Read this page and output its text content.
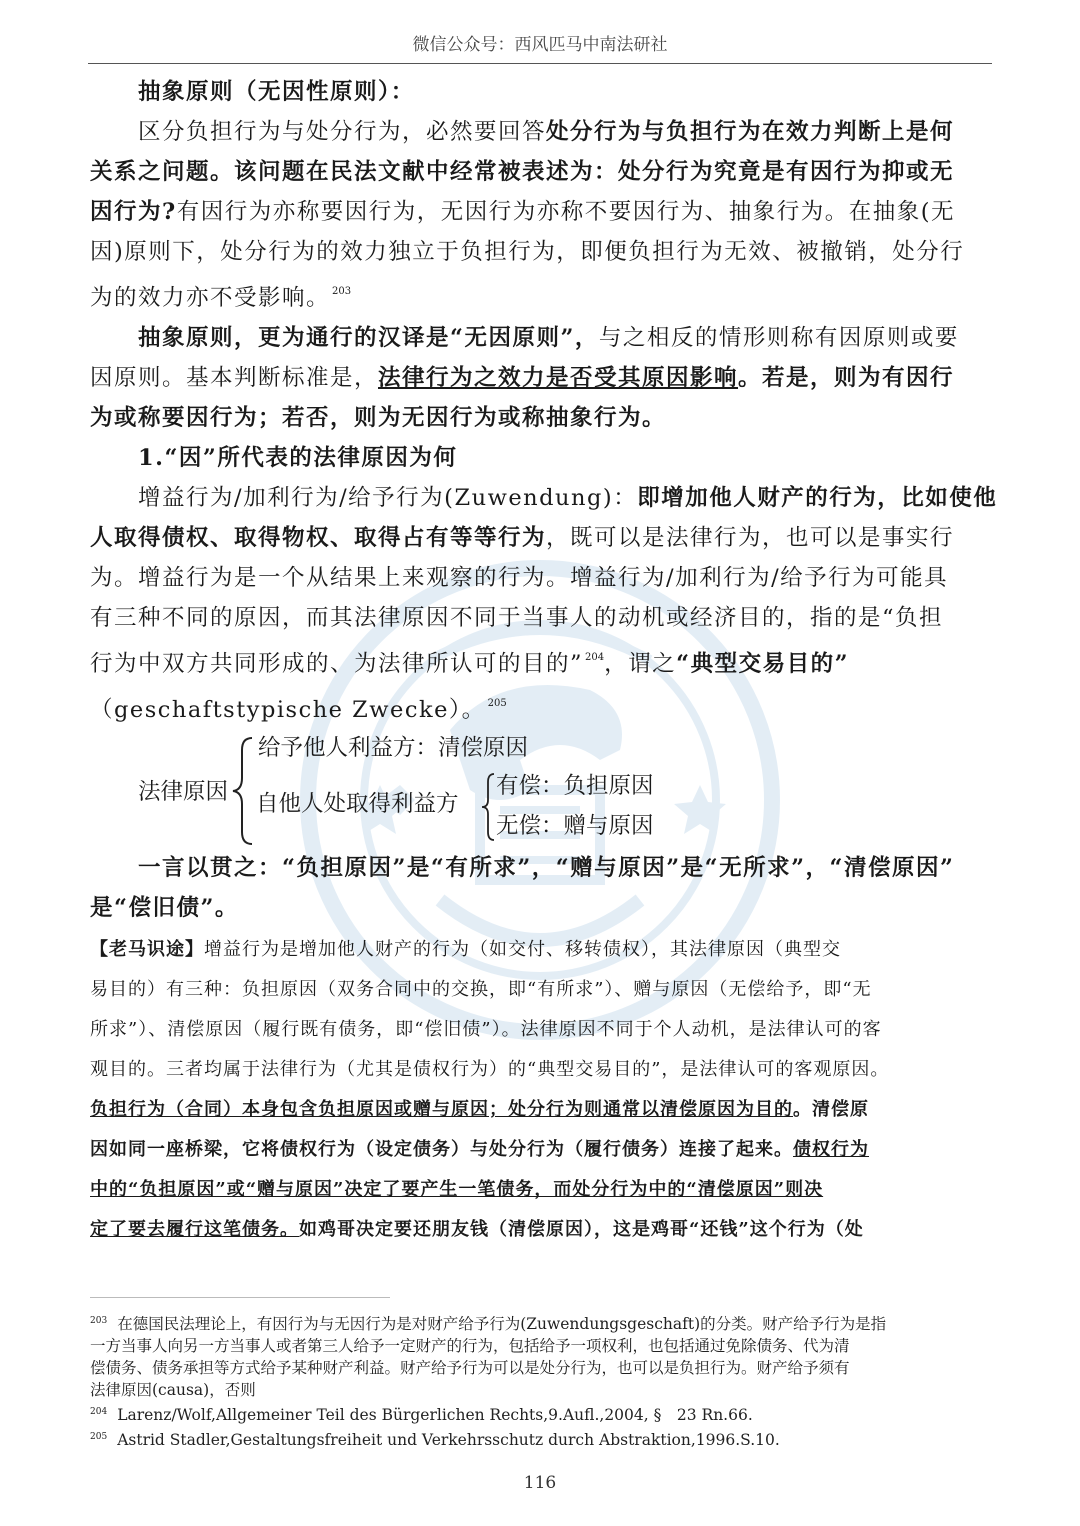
微信公众号：西风匹马中南法研社
抽象原则（无因性原则）：
区分负担行为与处分行为，必然要回答处分行为与负担行为在效力判断上是何
关系之问题。该问题在民法文献中经常被表述为：处分行为究竟是有因行为抑或无
因行为?有因行为亦称要因行为，无因行为亦称不要因行为、抽象行为。在抽象(无
因)原则下，处分行为的效力独立于负担行为，即便负担行为无效、被撤销，处分行
为的效力亦不受影响。 $^{203}$
抽象原则，更为通行的汉译是“无因原则”，与之相反的情形则称有因原则或要
因原则。基本判断标准是，法律行为之效力是否受其原因影响。若是，则为有因行
为或称要因行为；若否，则为无因行为或称抽象行为。
1.“因”所代表的法律原因为何
增益行为/加利行为/给予行为(Zuwendung)：即增加他人财产的行为，比如使他
人取得债权、取得物权、取得占有等等行为，既可以是法律行为，也可以是事实行
为。增益行为是一个从结果上来观察的行为。增益行为/加利行为/给予行为可能具
有三种不同的原因，而其法律原因不同于当事人的动机或经济目的，指的是“负担
行为中双方共同形成的、为法律所认可的目的” $^{204}$，谓之“典型交易目的”
（geschaftstypische Zwecke）。 $^{205}$
法律原因
给予他人利益方：清偿原因
自他人处取得利益方
有偿：负担原因
无偿：赠与原因
一言以贯之：“负担原因”是“有所求”，“赠与原因”是“无所求”，“清偿原因”
是“偿旧债”。
【老马识途】增益行为是增加他人财产的行为（如交付、移转债权），其法律原因（典型交
易目的）有三种：负担原因（双务合同中的交换，即“有所求”）、赠与原因（无偿给予，即“无
所求”）、清偿原因（履行既有债务，即“偿旧债”）。法律原因不同于个人动机，是法律认可的客
观目的。三者均属于法律行为（尤其是债权行为）的“典型交易目的”，是法律认可的客观原因。
负担行为（合同）本身包含负担原因或赠与原因；处分行为则通常以清偿原因为目的。清偿原
因如同一座桥梁，它将债权行为（设定债务）与处分行为（履行债务）连接了起来。债权行为
中的“负担原因”或“赠与原因”决定了要产生一笔债务，而处分行为中的“清偿原因”则决
定了要去履行这笔债务。如鸡哥决定要还朋友钱（清偿原因），这是鸡哥“还钱”这个行为（处
$^{203}$ 在德国民法理论上，有因行为与无因行为是对财产给予行为(Zuwendungsgeschaft)的分类。财产给予行为是指
一方当事人向另一方当事人或者第三人给予一定财产的行为，包括给予一项权利，也包括通过免除债务、代为清
偿债务、债务承担等方式给予某种财产利益。财产给予行为可以是处分行为，也可以是负担行为。财产给予须有
法律原因(causa)，否则
$^{204}$ Larenz/Wolf,Allgemeiner Teil des Bürgerlichen Rechts,9.Aufl.,2004, §　23 Rn.66.
$^{205}$ Astrid Stadler,Gestaltungsfreiheit und Verkehrsschutz durch Abstraktion,1996.S.10.
116
